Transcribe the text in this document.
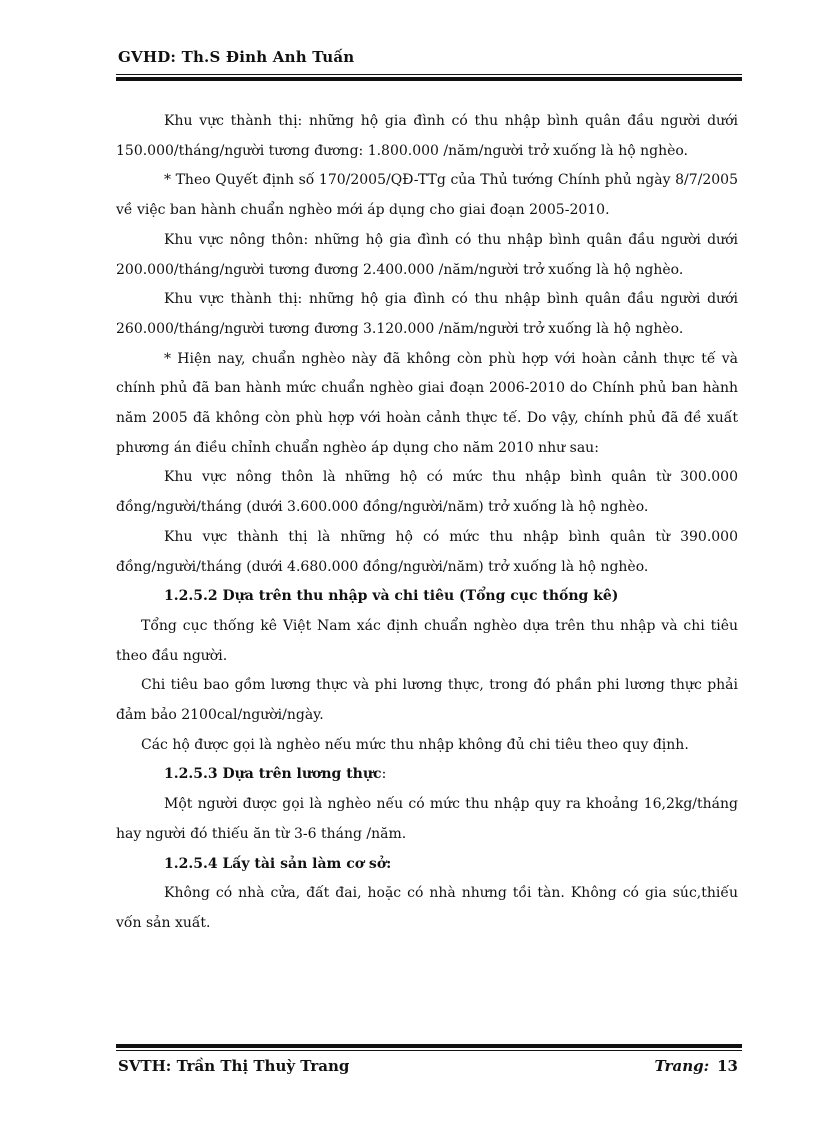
GVHD: Th.S Đinh Anh Tuấn

Khu vực thành thị: những hộ gia đình có thu nhập bình quân đầu người dưới 150.000/tháng/người tương đương: 1.800.000 /năm/người trở xuống là hộ nghèo.

* Theo Quyết định số 170/2005/QĐ-TTg của Thủ tướng Chính phủ ngày 8/7/2005 về việc ban hành chuẩn nghèo mới áp dụng cho giai đoạn 2005-2010.

Khu vực nông thôn: những hộ gia đình có thu nhập bình quân đầu người dưới 200.000/tháng/người tương đương 2.400.000 /năm/người trở xuống là hộ nghèo.

Khu vực thành thị: những hộ gia đình có thu nhập bình quân đầu người dưới 260.000/tháng/người tương đương 3.120.000 /năm/người trở xuống là hộ nghèo.

* Hiện nay, chuẩn nghèo này đã không còn phù hợp với hoàn cảnh thực tế và chính phủ đã ban hành mức chuẩn nghèo giai đoạn 2006-2010 do Chính phủ ban hành năm 2005 đã không còn phù hợp với hoàn cảnh thực tế. Do vậy, chính phủ đã đề xuất phương án điều chỉnh chuẩn nghèo áp dụng cho năm 2010 như sau:

Khu vực nông thôn là những hộ có mức thu nhập bình quân từ 300.000 đồng/người/tháng (dưới 3.600.000 đồng/người/năm) trở xuống là hộ nghèo.

Khu vực thành thị là những hộ có mức thu nhập bình quân từ 390.000 đồng/người/tháng (dưới 4.680.000 đồng/người/năm) trở xuống là hộ nghèo.

1.2.5.2 Dựa trên thu nhập và chi tiêu (Tổng cục thống kê)

Tổng cục thống kê Việt Nam xác định chuẩn nghèo dựa trên thu nhập và chi tiêu theo đầu người.

Chi tiêu bao gồm lương thực và phi lương thực, trong đó phần phi lương thực phải đảm bảo 2100cal/người/ngày.

Các hộ được gọi là nghèo nếu mức thu nhập không đủ chi tiêu theo quy định.

1.2.5.3 Dựa trên lương thực:

Một người được gọi là nghèo nếu có mức thu nhập quy ra khoảng 16,2kg/tháng hay người đó thiếu ăn từ 3-6 tháng /năm.

1.2.5.4 Lấy tài sản làm cơ sở:

Không có nhà cửa, đất đai, hoặc có nhà nhưng tồi tàn. Không có gia súc,thiếu vốn sản xuất.

SVTH: Trần Thị Thuỳ Trang	Trang: 13
